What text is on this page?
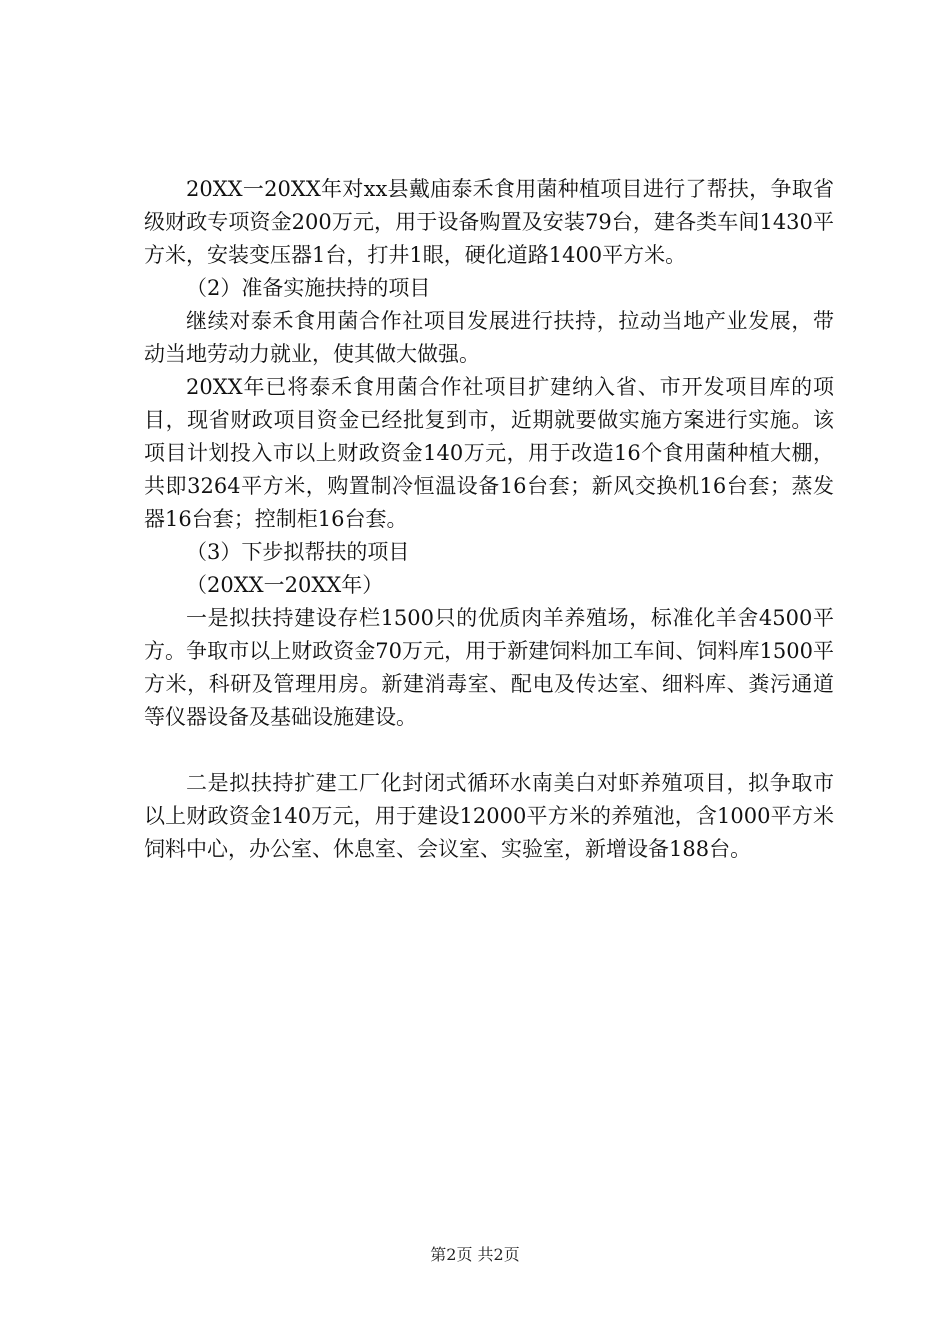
20XX一20XX年对xx县戴庙泰禾食用菌种植项目进行了帮扶，争取省级财政专项资金200万元，用于设备购置及安装79台，建各类车间1430平方米，安装变压器1台，打井1眼，硬化道路1400平方米。

（2）准备实施扶持的项目

继续对泰禾食用菌合作社项目发展进行扶持，拉动当地产业发展，带动当地劳动力就业，使其做大做强。

20XX年已将泰禾食用菌合作社项目扩建纳入省、市开发项目库的项目，现省财政项目资金已经批复到市，近期就要做实施方案进行实施。该项目计划投入市以上财政资金140万元，用于改造16个食用菌种植大棚，共即3264平方米，购置制冷恒温设备16台套；新风交换机16台套；蒸发器16台套；控制柜16台套。

（3）下步拟帮扶的项目

（20XX一20XX年）

一是拟扶持建设存栏1500只的优质肉羊养殖场，标准化羊舍4500平方。争取市以上财政资金70万元，用于新建饲料加工车间、饲料库1500平方米，科研及管理用房。新建消毒室、配电及传达室、细料库、粪污通道等仪器设备及基础设施建设。

二是拟扶持扩建工厂化封闭式循环水南美白对虾养殖项目，拟争取市以上财政资金140万元，用于建设12000平方米的养殖池，含1000平方米饲料中心，办公室、休息室、会议室、实验室，新增设备188台。

第2页 共2页
